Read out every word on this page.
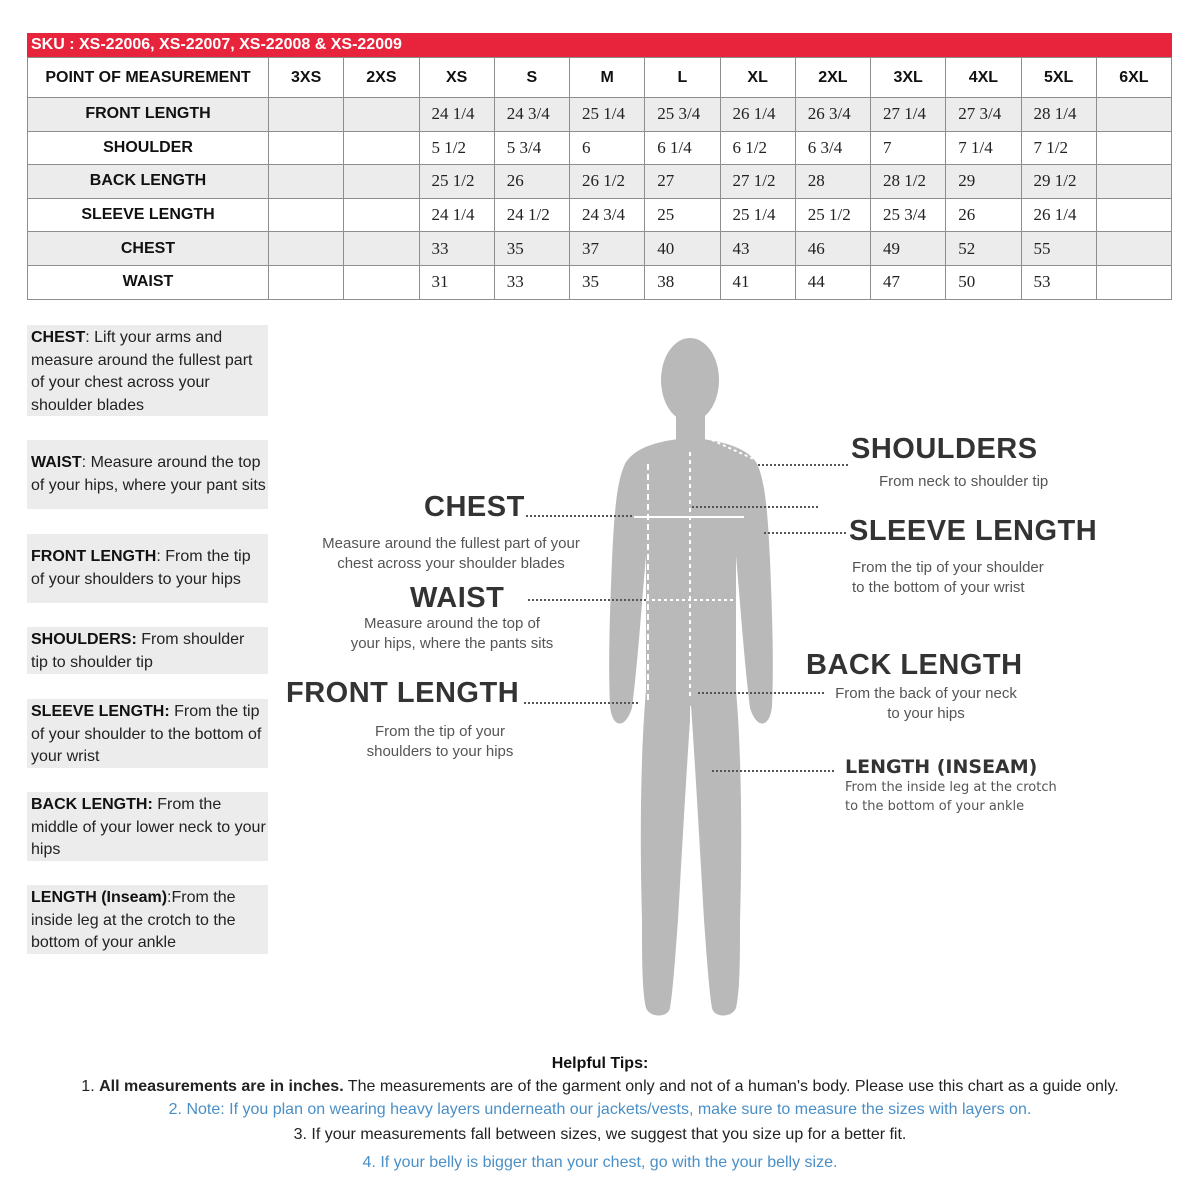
SKU : XS-22006, XS-22007, XS-22008 & XS-22009
POINT OF MEASUREMENT	3XS	2XS	XS	S	M	L	XL	2XL	3XL	4XL	5XL	6XL
FRONT LENGTH			24 1/4	24 3/4	25 1/4	25 3/4	26 1/4	26 3/4	27 1/4	27 3/4	28 1/4	
SHOULDER			5 1/2	5 3/4	6	6 1/4	6 1/2	6 3/4	7	7 1/4	7 1/2	
BACK LENGTH			25 1/2	26	26 1/2	27	27 1/2	28	28 1/2	29	29 1/2	
SLEEVE LENGTH			24 1/4	24 1/2	24 3/4	25	25 1/4	25 1/2	25 3/4	26	26 1/4	
CHEST			33	35	37	40	43	46	49	52	55	
WAIST			31	33	35	38	41	44	47	50	53	
CHEST: Lift your arms and
measure around the fullest part
of your chest across your
shoulder blades
WAIST: Measure around the top
of your hips, where your pant sits
FRONT LENGTH: From the tip
of your shoulders to your hips
SHOULDERS: From shoulder
tip to shoulder tip
SLEEVE LENGTH: From the tip
of your shoulder to the bottom of
your wrist
BACK LENGTH: From the
middle of your lower neck to your
hips
LENGTH (Inseam):From the
inside leg at the crotch to the
bottom of your ankle
CHEST
Measure around the fullest part of your
chest across your shoulder blades
WAIST
Measure around the top of
your hips, where the pants sits
FRONT LENGTH
From the tip of your
shoulders to your hips
SHOULDERS
From neck to shoulder tip
SLEEVE LENGTH
From the tip of your shoulder
to the bottom of your wrist
BACK LENGTH
From the back of your neck
to your hips
LENGTH (INSEAM)
From the inside leg at the crotch
to the bottom of your ankle
Helpful Tips:
1. All measurements are in inches. The measurements are of the garment only and not of a human's body. Please use this chart as a guide only.
2. Note: If you plan on wearing heavy layers underneath our jackets/vests, make sure to measure the sizes with layers on.
3. If your measurements fall between sizes, we suggest that you size up for a better fit.
4. If your belly is bigger than your chest, go with the your belly size.
